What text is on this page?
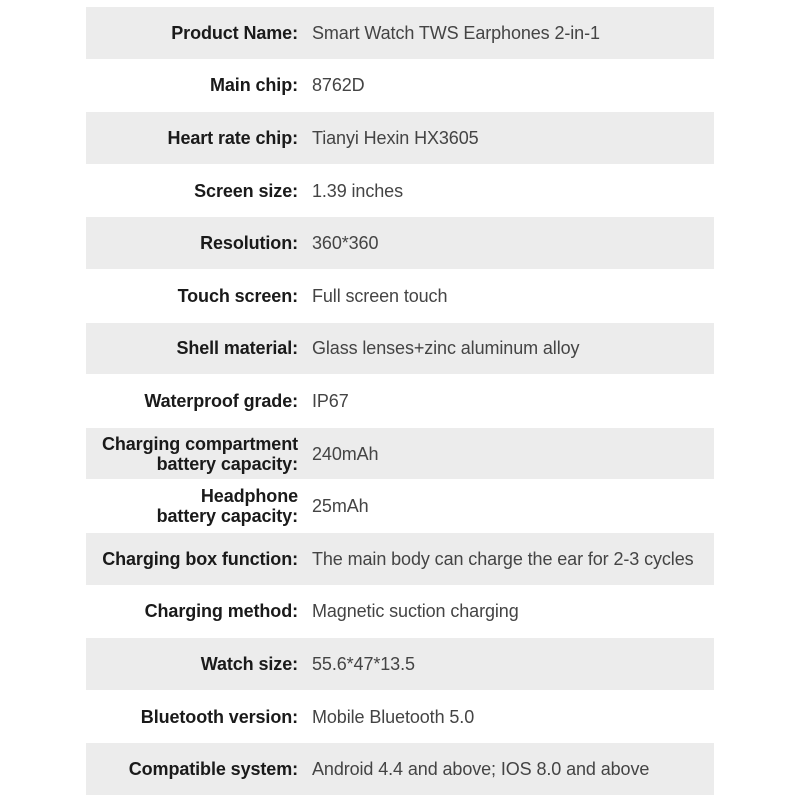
Product Name: Smart Watch TWS Earphones 2-in-1
Main chip: 8762D
Heart rate chip: Tianyi Hexin HX3605
Screen size: 1.39 inches
Resolution: 360*360
Touch screen: Full screen touch
Shell material: Glass lenses+zinc aluminum alloy
Waterproof grade: IP67
Charging compartment
battery capacity: 240mAh
Headphone
battery capacity: 25mAh
Charging box function: The main body can charge the ear for 2-3 cycles
Charging method: Magnetic suction charging
Watch size: 55.6*47*13.5
Bluetooth version: Mobile Bluetooth 5.0
Compatible system: Android 4.4 and above; IOS 8.0 and above
